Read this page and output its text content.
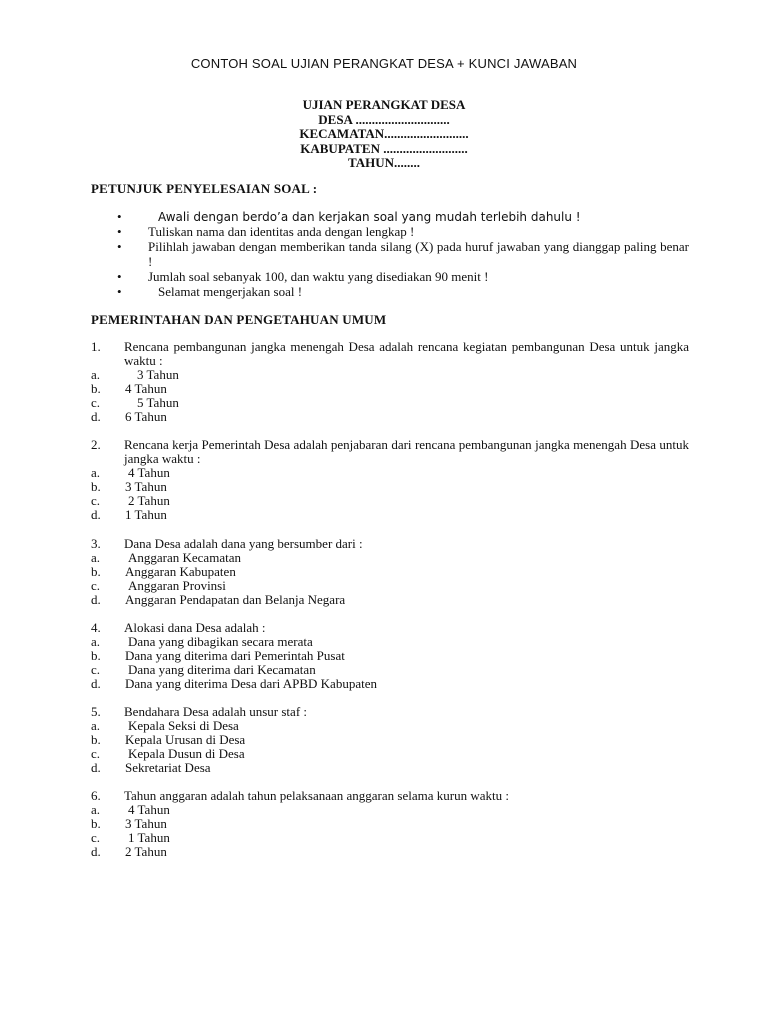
CONTOH SOAL UJIAN PERANGKAT DESA + KUNCI JAWABAN
UJIAN PERANGKAT DESA
DESA .............................
KECAMATAN..........................
KABUPATEN ..........................
TAHUN........
PETUNJUK PENYELESAIAN SOAL :
•	Awali dengan berdo’a dan kerjakan soal yang mudah terlebih dahulu !
•	Tuliskan nama dan identitas anda dengan lengkap !
•	Pilihlah jawaban dengan memberikan tanda silang (X) pada huruf jawaban yang dianggap paling benar !
•	Jumlah soal sebanyak 100, dan waktu yang disediakan 90 menit !
•	Selamat mengerjakan soal !
PEMERINTAHAN DAN PENGETAHUAN UMUM
1. Rencana pembangunan jangka menengah Desa adalah rencana kegiatan pembangunan Desa untuk jangka waktu :
a.	3 Tahun
b. 4 Tahun
c.	5 Tahun
d. 6 Tahun
2. Rencana kerja Pemerintah Desa adalah penjabaran dari rencana pembangunan jangka menengah Desa untuk jangka waktu :
a. 4 Tahun
b. 3 Tahun
c. 2 Tahun
d. 1 Tahun
3. Dana Desa adalah dana yang bersumber dari :
a. Anggaran Kecamatan
b. Anggaran Kabupaten
c. Anggaran Provinsi
d. Anggaran Pendapatan dan Belanja Negara
4. Alokasi dana Desa adalah :
a. Dana yang dibagikan secara merata
b. Dana yang diterima dari Pemerintah Pusat
c. Dana yang diterima dari Kecamatan
d. Dana yang diterima Desa dari APBD Kabupaten
5. Bendahara Desa adalah unsur staf :
a. Kepala Seksi di Desa
b. Kepala Urusan di Desa
c. Kepala Dusun di Desa
d. Sekretariat Desa
6. Tahun anggaran adalah tahun pelaksanaan anggaran selama kurun waktu :
a. 4 Tahun
b. 3 Tahun
c. 1 Tahun
d. 2 Tahun
